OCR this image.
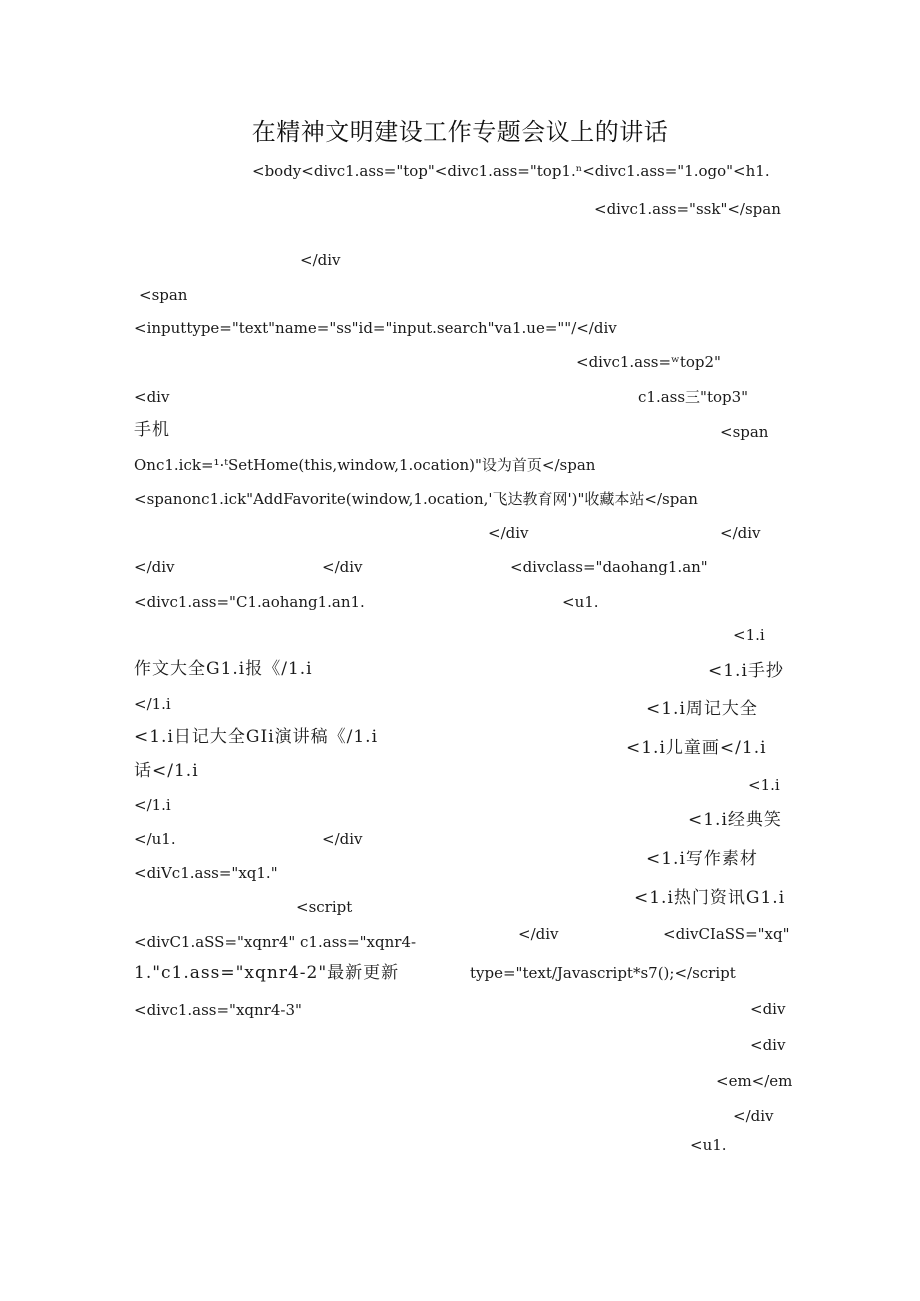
在精神文明建设工作专题会议上的讲话
<body<divc1.ass="top"<divc1.ass="top1.ⁿ<divc1.ass="1.ogo"<h1.
<divc1.ass="ssk"</span
</div
<span
<inputtype="text"name="ss"id="input.search"va1.ue=""/</div
<divc1.ass=ʷtop2"
<div	c1.ass三"top3"
手机	<span
Onc1.ick=¹·ᵗSetHome(this,window,1.ocation)"设为首页</span
<spanonc1.ick"AddFavorite(window,1.ocation,'飞达教育网')"收藏本站</span
</div	</div
</div	</div	<divclass="daohang1.an"
<divc1.ass="C1.aohang1.an1.	<u1.
<1.i
作文大全G1.i报《/1.i	<1.i手抄
</1.i	<1.i周记大全
<1.i日记大全GIi演讲稿《/1.i
<1.i儿童画</1.i
话</1.i
<1.i
</1.i
<1.i经典笑
</u1.	</div
<diVc1.ass="xq1."
<1.i写作素材
<1.i热门资讯G1.i
<script
</div	<divCIaSS="xq"
<divC1.aSS="xqnr4" c1.ass="xqnr4-
1."c1.ass="xqnr4-2"最新更新	type="text/Javascript*s7();</script
<divc1.ass="xqnr4-3"	<div
<div
<em</em
</div
<u1.
